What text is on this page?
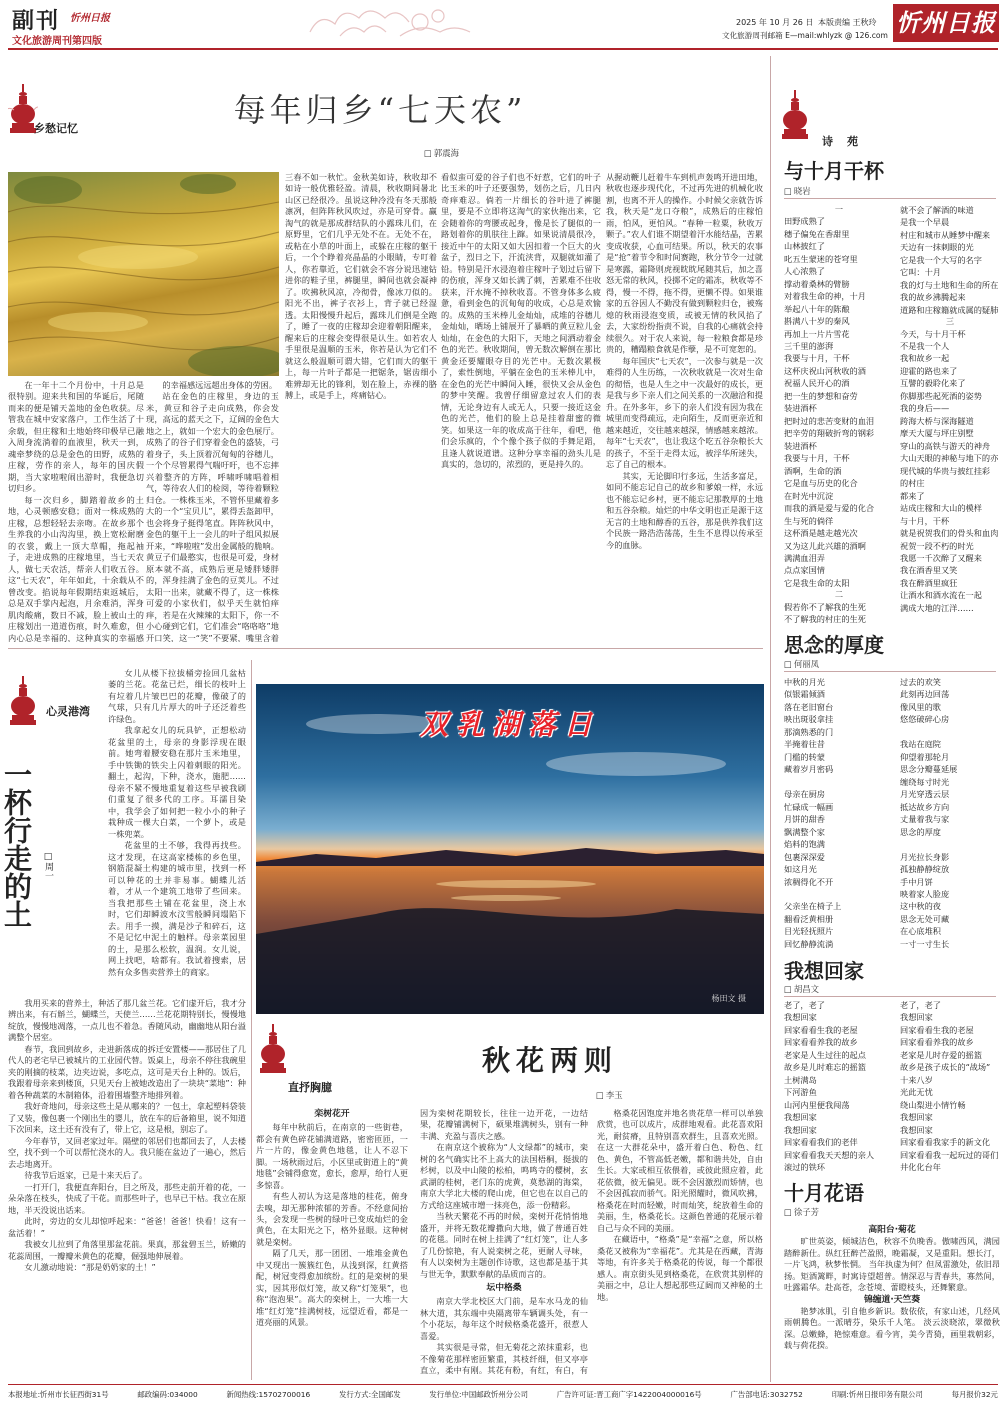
副刊 忻州日报
文化旅游周刊第四版
2025 年 10 月 26 日 本版责编 王秋玲
文化旅游周刊邮箱 E—mail:whlyzk @ 126.com 忻州日报
乡愁记忆	每年归乡“七天农”
□ 郭震海

在一年十二个月份中，十月总是很特别。迎来共和国的华诞后，尾随而来的便是铺天盖地的金色收获。尽管我在城中安家落户，工作生活了十余载，但庄稼和土地始终印极早已融入周身流淌着的血液里，秋天一到，魂牵梦绕的总是金色的田野，成熟的庄稼，劳作的亲人，每年的国庆假期，当大家啦啦闹出游时，我便急切切归乡。

每一次归乡，脚踏着故乡的土地，心灵顿感安稳；面对一株成熟的庄稼，总想轻轻去亲吻。在故乡那个生养我的小山沟沟里，换上宽松耐磨的衣裳，戴上一顶大草帽，拖起袖子，走进成熟的庄稼地里，当七天农人，做七天农活，帮亲人们收五谷。这“七天农”，年年如此，十余载从不曾改变。掐说每年假期结束返城后，总是双手掌内起泡，月余难消，浑身肌肉酸痛，数日不减，脸上被山土的庄稼划出一道道伤痕，时久难愈，但内心总是幸福的，这种真实的幸福感

的幸福感远远超出身体的劳困。

站在金色的庄稼里，身边的玉米，黄豆和谷子走向成熟，你会发现，高远的蓝天之下，辽阔的金色大地之上，就如一个宏大的金色展厅。成熟了的谷子们穿着金色的盛装，弓着身子，头上顶着沉甸甸的谷穗儿，一个个尽管累得气喘吁吁，也不忘摔兴着整齐的方阵，呼啸呼啸唱着相气，等待农人们的检阅，等待着颗粒归仓。一株株玉米，不管怀里藏着多大的一个“宝贝儿”，累得丢盔卸甲，也会将身子挺得笔直。阵阵秋风中，金色的躯干上一会儿的叶子组风拟展开来，“哗啦啦”发出金属般的脆响。黄豆子们最憨实，也很是可爱，身材原本就不高，成熟后更是矮胖矮胖的，浑身挂满了金色的豆荚儿。不过太阳一出来，就藏不得了，这一株株可爱的小家伙们，似乎天生就怕痒痒，若是在火辣辣的太阳下，你一不小心碰到它们，它们准会“咯咯咯”地开口笑，这一“笑”不要紧，嘴里含着

三春不如一秋忙。金秋美如诗，秋收却不如诗一般优雅轻盈。清晨，秋收期间暑北山区已经很冷。虽说这种冷没有冬天那般凛冽，但阵阵秋风吹过，亦是可穿骨。赢淘气的就是那成群结队的小露珠儿们，在原野里，它们几乎无处不在。无处不在，或粘在小草的叶面上，或躲在庄稼的躯干后，一个个睁着亮晶晶的小眼睛，专叮着人，你若靠近，它们就会不容分说迅速钻进你的鞋子里，裤腿里，瞬间也就会凝神了。吹拂秋风凉，冷彻骨，像冰刀似的。阳光不出，裤子衣衫上，背子就已经湿透。太阳慢慢升起后，露珠儿们倒是全跑了，睡了一夜的庄稼却会迎着朝阳醒来，醒来后的庄稼会变得很是认生。如若农人手里很是温顺的玉米，你若是认为它们不就这么般温顺可谓大错，它们而大的躯干上，每一片叶子都是一把锯条，锯齿细小难辨却无比的锋利，划在脸上，赤裸的胳膊上，或是手上，疼痛钻心。

看似蛮可爱的谷子们也不好惹，它们的叶子比玉米的叶子还要强势，划伤之后，几日内奇痒难忍。倘若一片细长的谷叶进了裤腿里，要是不立即将这淘气的家伙拖出来，它会随着你的弯腰或起身，像是长了腿似的一路划着你的肌肤往上蹿。如果说清晨很冷，接近中午的太阳又如大因扣着一个巨大的火盆子，烈日之下，汗流浃背，双腿就如灌了铅。特别是汗水浸泡着庄稼叶子划过后留下的伤痕，浑身又如长满了刺，苦累难不住收获来，汗水掩不掉秋收喜。不管身体多么疲惫，看到金色的沉甸甸的收成，心总是欢愉的。成熟的玉米棒儿金灿灿，成堆的谷穗儿金灿灿，晒场上铺展开了暴晒的黄豆粒儿金灿灿，在金色的大阳下，天地之间洒动着金色的光芒。秋收期间，曾无数次解倒在那比黄金还要耀眼夺目的光芒中。无数次累极了，索性倒地，平躺在金色的玉米棒儿中，在金色的光芒中瞬间入睡，很快又会从金色的梦中笑醒。我曾仔细留意过农人们的表情，无论身边有人或无人，只要一接近这金色的光芒，他们的脸上总是挂着甜蜜的微笑。如果这一年的收成高于往年，看吧，他们会乐疯的，个个像个孩子似的手舞足蹈，且逢人就说道谱。这种分享幸福的劲头儿是真实的，急切的，浓烈的，更是持久的。

从握动鞭儿赶着牛车到机声轰鸣开进田地，秋收也逐步现代化，不过再先进的机械化收割，也离不开人的操作。小时候父亲就告诉我，秋天是“龙口夺粮”，成熟后的庄稼怕雨，怕风，更怕风。“春种一粒粟，秋收万颗子。”农人们谁不期望着汗水能结晶，苦累变成收获，心血可结果。所以，秋天的农事是“抢”着节令和时间赛跑，秋分节令一过就是寒露，霜降则虎视眈眈尾随其后，加之喜怒无常的秋风，投掷不定的霜冻，秋收等不得，慢一不得，拖不得，更懒不得。如果谁家的五谷因人不勤没有做到颗粒归仓，被殇熄的秋雨浸泡变质，或被无情的秋风掐了去，大家纷纷指责不说，自我的心痛就会持续很久。对于农人来说，每一粒粮食都是珍贵的，糟蹋粮食就是作孽，是不可宽恕的。

每年国庆“七天农”，一次参与就是一次难得的人生历练，一次秋收就是一次对生命的彻悟，也是人生之中一次最好的成长，更是我与乡下亲人们之间关系的一次融洽和提升。在外多年，乡下的亲人们没有因为我在城里而变得疏远，走向陌生，反而更亲近和越来越近，交往越来越深，情感越来越浓。每年“七天农”，也让我这个吃五谷杂粮长大的孩子，不至于走得太远，被浮华所迷失，忘了自己的根本。

其实，无论脚印行多远，生活多富足，如同不能忘记自己的故乡和爹娘一样，永远也不能忘记乡村，更不能忘记那教厚的土地和五谷杂粮。灿烂的中华文明也正是源于这无言的土地和醇香的五谷，那是供养我们这个民族一路浩浩荡荡，生生不息得以传承至今的血脉。

诗苑
与十月干杯
□ 晓岩
一
田野成熟了
穗子偏兔在香甜里
山林披红了
叱五生蒙迷的苍穹里
人心浓熟了
撑动着桑林的臂膀
对着我生命的神，十月
举起八十年的陈酿
斟满八十岁的秦风
再加上一片片雪花
三千里的澎湃
我要与十月，干杯
这杯庆祝山河秋收的酒
祝福人民开心的酒
把一生的梦想和奋劳
装进酒杯
把时过的悲苦变财的血泪
把辛劳的翔破折弯的钢彩
装进酒杯
我要与十月，干杯
酒啊，生命的酒
它是血与历史的化合
在时光中沉淀
而我的酒是爱与爱的化合
生与死的倘徉
这杯酒是越走越光次
又为这儿此兴雄的酒啊
满满血泪弄
点点家国情
它是我生命的太阳
二
假若你不了解我的生死
不了解我的村庄的生死
就不会了解酒的味道
是我一个早晨
村庄和城市从睡梦中醒来
天边有一抹刺眼的光
它是我一个大写的名字
它叫：十月
我的灯与土地和生命的所在
我的故乡沸腾起来
道路和庄稼籍就成属的疑肺
三
今天，与十月干杯
不是我一个人
我和故乡一起
迎霍的路也来了
互譬的毅聆化来了
你脚那些起死酒的姿势
我的身后——
跨海大桥与深海隧道
摩天大厦与坪庄别墅
穿山的高铁与游天的神舟
大山天眼的神秘与地下的亦
现代城的华贵与披红挂彩
的村庄
都来了
站成庄稼和大山的模样
与十月，干杯
就是祝贺我们的骨头和血肉
祝贺一段不朽的时光
我愿一千次醉了又醒来
我在酒香里又笑
我在醉酒里疯狂
让酒水和酒水流在一起
满成大地的江洋……
思念的厚度
□ 何丽凤
中秋的月光
似银霜倾酒
落在老旧窗台
映出斑驳拿挂
那滴熟悉的门
半掩着往昔
门槛的转蒙
藏着岁月密码

母亲在厨房
忙碌成一幅画
月饼的甜香
飘满整个家
焰料的饱满
包裹深深爱
如这月光
浓稠得化不开

父亲坐在椅子上
翻看泛黄相册
目光轻抚照片
回忆静静流淌
过去的欢笑
此刻再边回荡
像风里的歌
悠悠破碎心房

我站在庭院
仰望着那轮月
思念分瓣蔓延展
缠绕每寸时光
月光穿透云层
抵达故乡方向
丈量着我与家
思念的厚度

月光拉长身影
孤独静静绽放
手中月饼
映着家人脸庞
这中秋的夜
思念无处可藏
在心底堆积
一寸一寸生长
我想回家
□ 胡昌文
老了，老了
我想回家
回家看看生我的老屋
回家看看养我的故乡
老家是人生过往的起点
故乡是儿时难忘的摇篮
土树满岛
下河游鱼
山河内里便我闯荡
我想回家
我想回家
回家看看我们的老伴
回家看看我天天想的亲人
滚过的铁环
老了，老了
我想回家
回家看看生我的老屋
回家看看养我的故乡
老家是儿时存爱的摇篮
故乡是孩子成长的“战场”
十来八岁
光此无忧
绕山梨进小情竹畅
我想回家
我想回家
回家看看我家手的新文化
回家看看我一起玩过的哥们
井化化台年
十月花语
□ 徐子芳
高阳台·菊花

旷世英姿，倾城洁色，秋容不负晚香。傲啸西风，满园踏醉新仕。纵红狂醉芒盈照，晚霜凝，又是重阳。想长汀，一片飞鸿，秋梦怅惘。 当年执虚为何？但凤雷激处，依旧昂扬。矩酒篱畔，时寓诗望超普。情深忍与青春共，寡然间，吐露霜华。赴高苍，念苍境、蕾瞪枝头，还舞繁意。

锦缠道·天竺葵

艳梦冰肌，引自他乡新识。数依依，有家山述，几经风雨朝腾色。一派晴芬，染乐千人笔。 淡云淡晓浓，翠微秋深。总嫩蜂，艳惊难意。看今宵，美今青猗，画里栽朝彩，载与荷花揆。

心灵港湾
一杯行走的土	□周一

女儿从楼下拉拔桶旁捡回几盆枯萎的兰花。花盆已烂，细长的枝叶上有垃着几片皱巴巴的花瓣，像破了的气球，只有几片厚大的叶子还泛着些许绿色。

我拿起女儿的玩具铲，正想松动花盆里的土，母亲的身影浮现在眼前。她弯着腰安稳在那片玉米地里，手中铁锄的铁尖上闪着刺眼的阳光。翻土，起沟，下种，浇水，施肥……母亲不紧不慢地重复着这些早被我刷们重复了很多代的工序。耳濡目染中，我学会了如何把一粒小小的种子栽种成一棵大白菜，一个萝卜，或是一株兜菜。

花盆里的土不够，我得再找些。这才发现，在这高家楼栋的乡色里，钢筋混凝土构建的城市里，找到一杯可以种花的土并非易事。蝴蝶儿活着，才从一个建筑工地带了些回来。当我把那些土铺在花盆里，浇上水时，它们却瞬波水汶雪般瞬间塌陷下去。用手一摸，满是沙子和碎石，这不是记忆中泥土的触样。母亲菜园里的土，是那么松软，温润。女儿说，网上找吧，啥都有。我试着搜索，居然有众多售卖营养土的商家。

我用买来的营养土，种活了那几盆兰花。它们虚开后，我才分辨出来，有石斛兰，蝴蝶兰，天使兰……兰花花期特别长，慢慢地绽放，慢慢地凋落，一点儿也不着急。香随风动，幽幽地从阳台溢满整个居室。

春节，我回到故乡，走进新落成的拆迁安置楼——那居住了几代人的老宅早已被城片的工业园代替。饭桌上，母亲不停往我碗里夹的刚摘的枝菜，边夹边说，多吃点，这可是天台上种的。饭后，我跟着母亲来到楼顶，只见天台上被她改造出了一块块“菜地”：种着各种蔬菜的木制箱体，沿着围墙整齐地排列着。

我好奇地问，母亲这些土是从哪来的？一包土，拿起塑料袋装了又装，像包裹一个刚出生的婴儿，放在车的后备箱里，说不知道下次回来，这土还有没有了，带上它，这是根，别忘了。

今年春节，又回老家过年。隔壁的邻居们也都回去了，人去楼空，找不到一个可以帮忙浇水的人。我只能在盆边了一遍心，然后去忐地离开。

待我节后返家，已是十来天后了。

一打开门，我便直奔阳台，目之所及，那些走前开着的花，一朵朵落在枝头，快成了干花。而那些叶子，也早已干枯。我立在原地，半天没说出话来。

此时，旁边的女儿却惊呼起来：“爸爸！爸爸！快看！这有一盆活着！”

我被女儿拉到了角落里那盆花前。果真，那盆碧玉兰，娇嫩的花蕊周围，一瓣瓣米黄色的花瓣，倔强地伸展着。

女儿激动地说：“那是奶奶家的土！”

双乳湖落日
杨田文 摄
直抒胸臆
秋花两则
□ 李玉
栾树花开

每年中秋前后，在南京的一些街巷，都会有黄色碎花铺满道路，密密匝匝，一片一片的，像金黄色地毯，让人不忍下脚。一场秋雨过后，小区里或街道上的“黄地毯”会铺得愈宽，愈长，愈厚，给行人更多惊喜。

有些人初认为这是落地的桂花，俯身去嗅，却无那种浓郁的芳香。不经意间抬头，会发现一些树的绿叶已变成灿烂的金黄色，在太阳光之下，格外显眼。这种树就是栾树。

隔了几天，那一团团、一堆堆金黄色中又现出一簇簇红色，从浅到深，红黄搭配，树冠变得愈加缤纷。红的是栾树的果实，因其形似灯笼，故又称“灯笼果”，也称“泡泡果”。高大的栾树上，一大堆一大堆“红灯笼”挂满树枝，远望近看，都是一道亮丽的风景。

因为栾树花期较长，往往一边开花，一边结果，花瓣铺满树下，硕果堆满树头，别有一种丰满、充盈与喜庆之感。

在南京这个被称为“人文绿都”的城市，栾树的名气确实比不上高大的法国梧桐，挺拔的杉树，以及中山陵的松柏，鸣鸣寺的樱树，玄武湖的桂树，老门东的虎黄，莫愁湖的海棠，南京大学北大楼的爬山虎，但它也在以自己的方式给这座城市增一抹亮色，添一份精彩。

当秋天繁花不再的时候，栾树开花悄悄地盛开，并将无数花瓣撒向大地，做了普通百姓的花毯。同时在树上挂满了“红灯笼”，让人多了几份惊艳，有人说栾树之花，更耐人寻味，有人以栾树为主题创作诗歌，这也都是基于其与世无争，默默奉献的品质而言的。

坛中格桑

南京大学北校区大门前，是车水马龙的仙林大道，其东端中央隔离带车辆调头处，有一个小花坛，每年这个时候格桑花盛开，很惹人喜爱。

其实很是寻常，但无菊花之浓抹重彩，也不像菊花那样密匝繁重，其枝纤细，但又亭亭直立，柔中有刚。其花有粉，有红，有白，有

格桑花因饱度并地名贵花草一样可以单独欣赏，也可以成片，成群地观看。此花喜欢阳光，耐贫瘠，且特别喜欢群生，且喜欢光照。在这一大群花朵中，盛开着白色、粉色、红色、黄色，不管高低老嫩，都和谐共处，自由生长。大家或相互依偎着，或彼此照应着，此花依微，彼无偏见。既不会因激烈而矫情，也不会因孤寂而骄气。阳光照耀时，微风吹拂，格桑花在时而轻嫩，时而灿笑，绽放着生命的美丽，生，格桑花长。这颜色普通的花展示着自己与众不同的美丽。

在藏语中，“格桑”是“幸福”之意，所以格桑花又被称为“幸福花”。尤其是在西藏，青海等地，有许多关于格桑花的传说，每一个都很感人。南京街头见到格桑花，在欣赏其别样的美丽之中，总让人想起那些辽阔而又神秘的土地。

本报地址:忻州市长征西街31号	邮政编码:034000	新闻热线:15702700016	发行方式:全国邮发	发行单位:中国邮政忻州分公司	广告许可证:晋工商广字1422004000016号	广告部电话:3032752	印刷:忻州日报印务有限公司	每月报价32元
